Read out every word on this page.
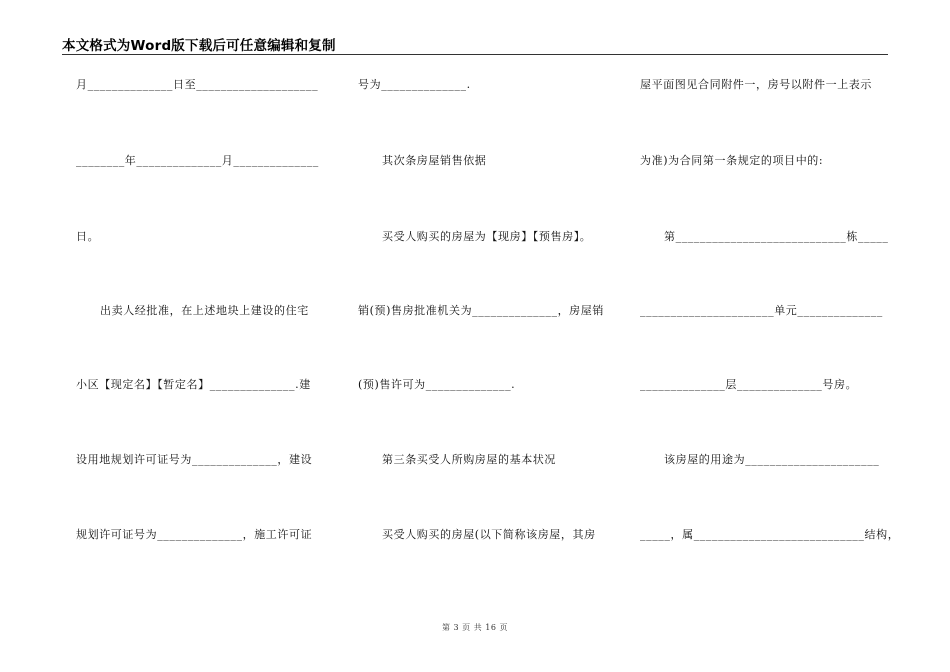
本文格式为Word版下载后可任意编辑和复制
月______________日至____________________
________年______________月______________
日。
出卖人经批准，在上述地块上建设的住宅
小区【现定名】【暂定名】______________.建
设用地规划许可证号为______________，建设
规划许可证号为______________，施工许可证
号为______________.
其次条房屋销售依据
买受人购买的房屋为【现房】【预售房】。
销(预)售房批准机关为______________，房屋销
(预)售许可为______________.
第三条买受人所购房屋的基本状况
买受人购买的房屋(以下简称该房屋，其房
屋平面图见合同附件一，房号以附件一上表示
为准)为合同第一条规定的项目中的:
第____________________________栋_____
______________________单元______________
______________层______________号房。
该房屋的用途为______________________
_____，属____________________________结构，
第 3 页 共 16 页
